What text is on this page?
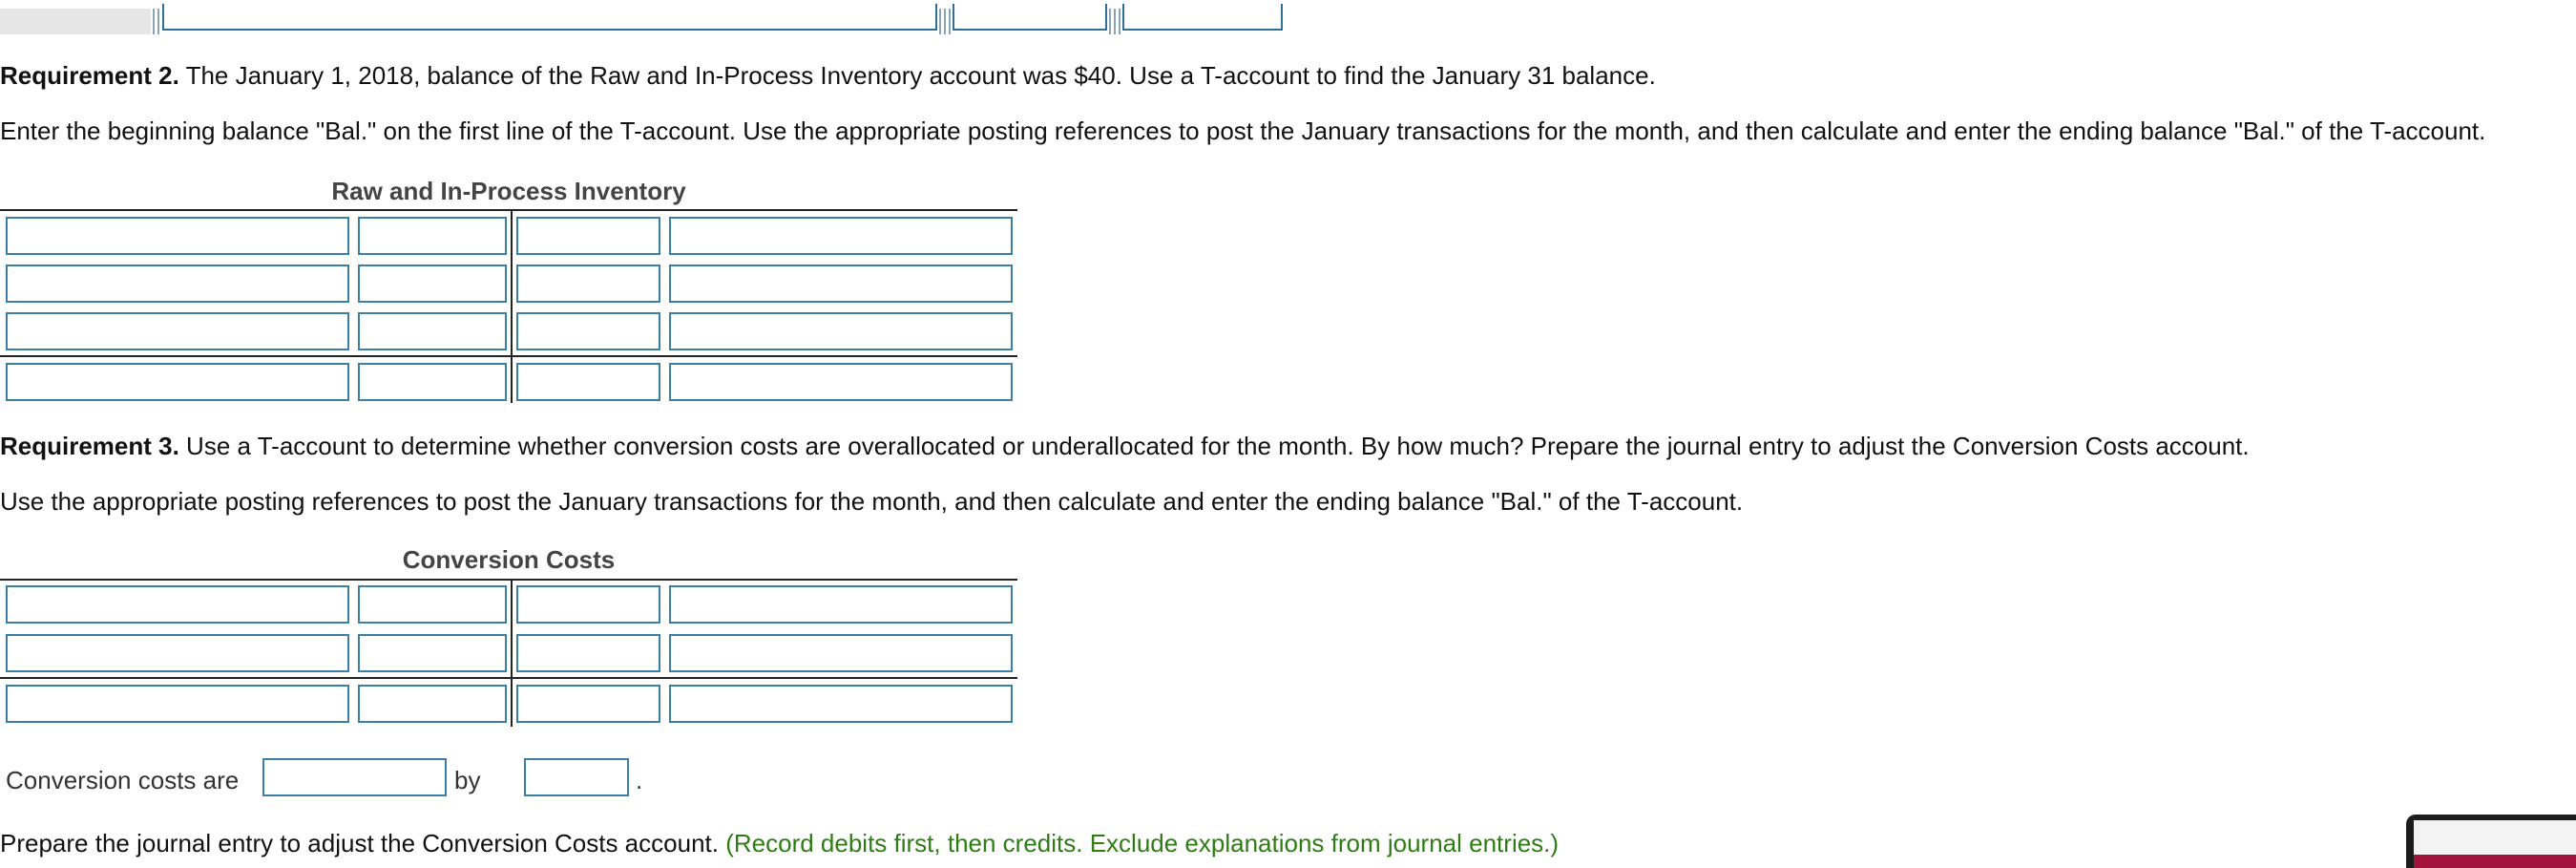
Requirement 2. The January 1, 2018, balance of the Raw and In-Process Inventory account was $40. Use a T-account to find the January 31 balance.
Enter the beginning balance "Bal." on the first line of the T-account. Use the appropriate posting references to post the January transactions for the month, and then calculate and enter the ending balance "Bal." of the T-account.
Raw and In-Process Inventory
Requirement 3. Use a T-account to determine whether conversion costs are overallocated or underallocated for the month. By how much? Prepare the journal entry to adjust the Conversion Costs account.
Use the appropriate posting references to post the January transactions for the month, and then calculate and enter the ending balance "Bal." of the T-account.
Conversion Costs
Conversion costs are	by	.
Prepare the journal entry to adjust the Conversion Costs account. (Record debits first, then credits. Exclude explanations from journal entries.)
